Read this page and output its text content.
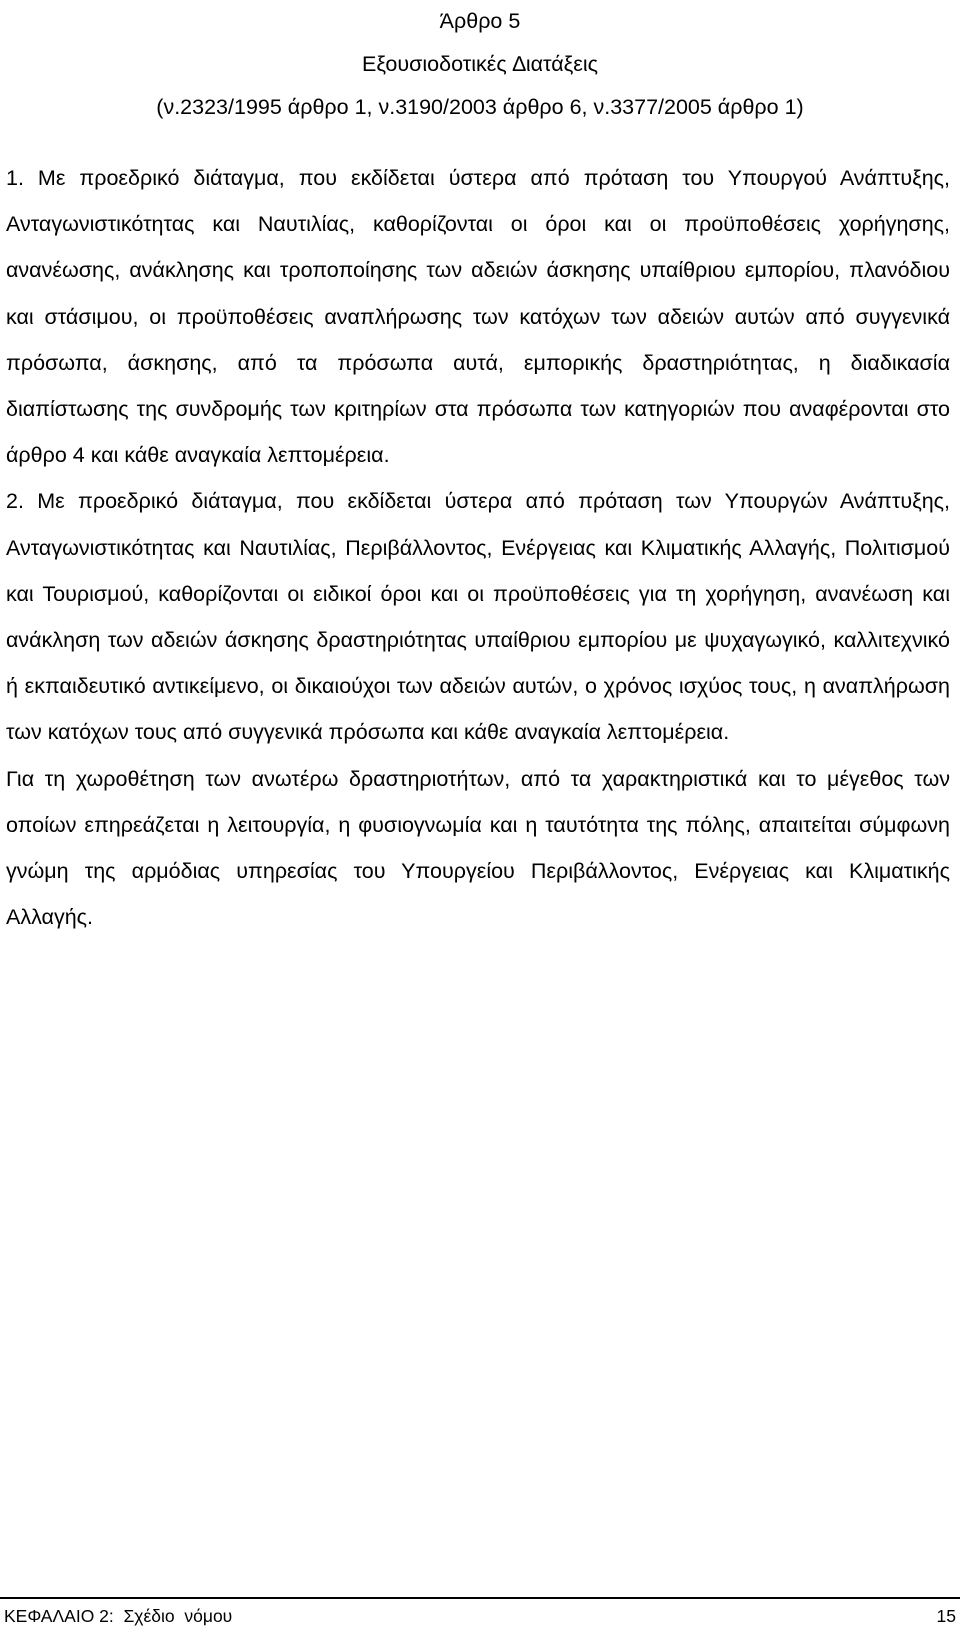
Άρθρο 5
Εξουσιοδοτικές ∆ιατάξεις
(ν.2323/1995 άρθρο 1, ν.3190/2003 άρθρο 6, ν.3377/2005 άρθρο 1)

1. Με προεδρικό διάταγμα, που εκδίδεται ύστερα από πρόταση του Υπουργού Ανάπτυξης, Ανταγωνιστικότητας και Ναυτιλίας, καθορίζονται οι όροι και οι προϋποθέσεις χορήγησης, ανανέωσης, ανάκλησης και τροποποίησης των αδειών άσκησης υπαίθριου εμπορίου, πλανόδιου και στάσιμου, οι προϋποθέσεις αναπλήρωσης των κατόχων των αδειών αυτών από συγγενικά πρόσωπα, άσκησης, από τα πρόσωπα αυτά, εμπορικής δραστηριότητας, η διαδικασία διαπίστωσης της συνδρομής των κριτηρίων στα πρόσωπα των κατηγοριών που αναφέρονται στο άρθρο 4 και κάθε αναγκαία λεπτομέρεια.

2. Με προεδρικό διάταγμα, που εκδίδεται ύστερα από πρόταση των Υπουργών Ανάπτυξης, Ανταγωνιστικότητας και Ναυτιλίας, Περιβάλλοντος, Ενέργειας και Κλιματικής Αλλαγής, Πολιτισμού και Τουρισμού, καθορίζονται οι ειδικοί όροι και οι προϋποθέσεις για τη χορήγηση, ανανέωση και ανάκληση των αδειών άσκησης δραστηριότητας υπαίθριου εμπορίου με ψυχαγωγικό, καλλιτεχνικό ή εκπαιδευτικό αντικείμενο, οι δικαιούχοι των αδειών αυτών, ο χρόνος ισχύος τους, η αναπλήρωση των κατόχων τους από συγγενικά πρόσωπα και κάθε αναγκαία λεπτομέρεια.

Για τη χωροθέτηση των ανωτέρω δραστηριοτήτων, από τα χαρακτηριστικά και το μέγεθος των οποίων επηρεάζεται η λειτουργία, η φυσιογνωμία και η ταυτότητα της πόλης, απαιτείται σύμφωνη γνώμη της αρμόδιας υπηρεσίας του Υπουργείου Περιβάλλοντος, Ενέργειας και Κλιματικής Αλλαγής.

ΚΕΦΑΛΑΙΟ 2:  Σχέδιο  νόμου	15
